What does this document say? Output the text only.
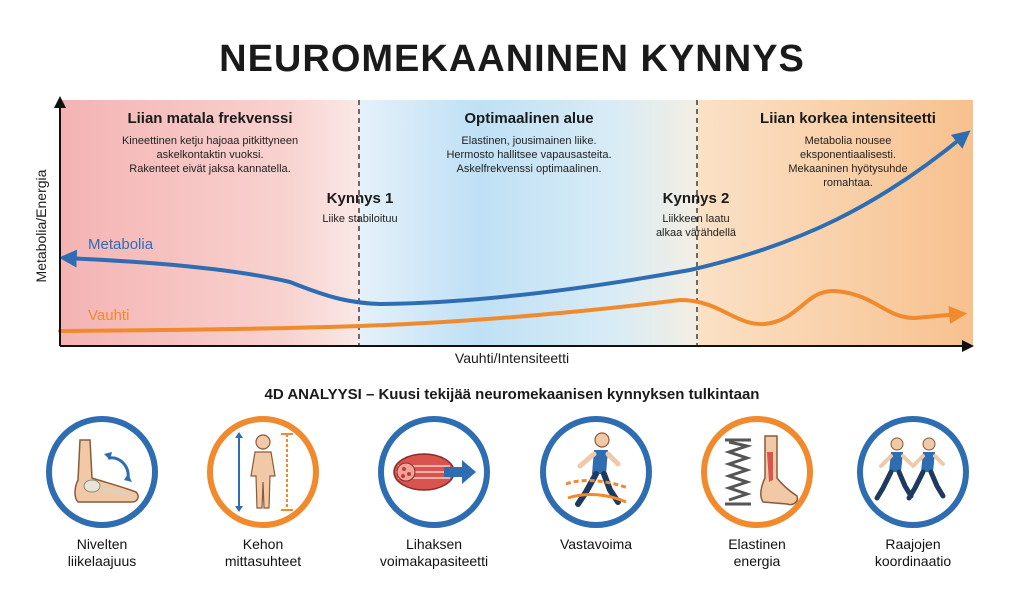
NEUROMEKAANINEN KYNNYS
Liian matala frekvenssi
Kineettinen ketju hajoaa pitkittyneen
askelkontaktin vuoksi.
Rakenteet eivät jaksa kannatella.
Optimaalinen alue
Elastinen, jousimainen liike.
Hermosto hallitsee vapausasteita.
Askelfrekvenssi optimaalinen.
Liian korkea intensiteetti
Metabolia nousee
eksponentiaalisesti.
Mekaaninen hyötysuhde
romahtaa.
Kynnys 1
Liike stabiloituu
Kynnys 2
Liikkeen laatu
alkaa värähdellä
Metabolia
Vauhti
Metabolia/Energia
Vauhti/Intensiteetti
4D ANALYYSI – Kuusi tekijää neuromekaanisen kynnyksen tulkintaan
Nivelten
liikelaajuus
Kehon
mittasuhteet
Lihaksen
voimakapasiteetti
Vastavoima	Elastinen
energia
Raajojen
koordinaatio
